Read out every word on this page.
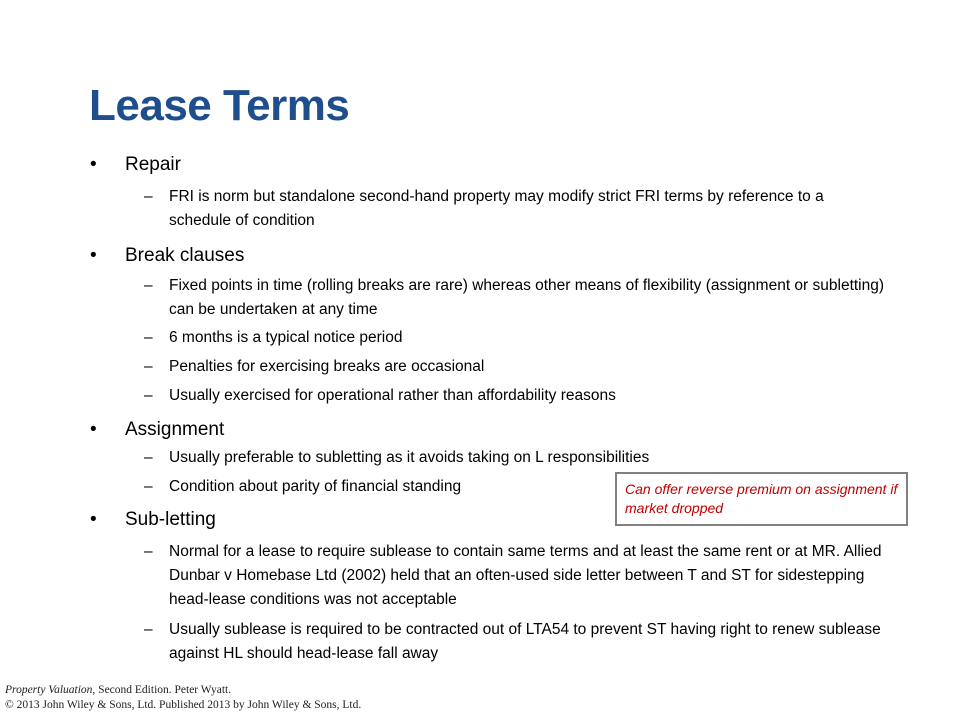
Lease Terms
• Repair
– FRI is norm but standalone second-hand property may modify strict FRI terms by reference to a schedule of condition
• Break clauses
– Fixed points in time (rolling breaks are rare) whereas other means of flexibility (assignment or subletting) can be undertaken at any time
– 6 months is a typical notice period
– Penalties for exercising breaks are occasional
– Usually exercised for operational rather than affordability reasons
• Assignment
– Usually preferable to subletting as it avoids taking on L responsibilities
– Condition about parity of financial standing
• Sub-letting
– Normal for a lease to require sublease to contain same terms and at least the same rent or at MR. Allied Dunbar v Homebase Ltd (2002) held that an often-used side letter between T and ST for sidestepping head-lease conditions was not acceptable
– Usually sublease is required to be contracted out of LTA54 to prevent ST having right to renew sublease against HL should head-lease fall away
Can offer reverse premium on assignment if market dropped
Property Valuation, Second Edition. Peter Wyatt.
© 2013 John Wiley & Sons, Ltd. Published 2013 by John Wiley & Sons, Ltd.
